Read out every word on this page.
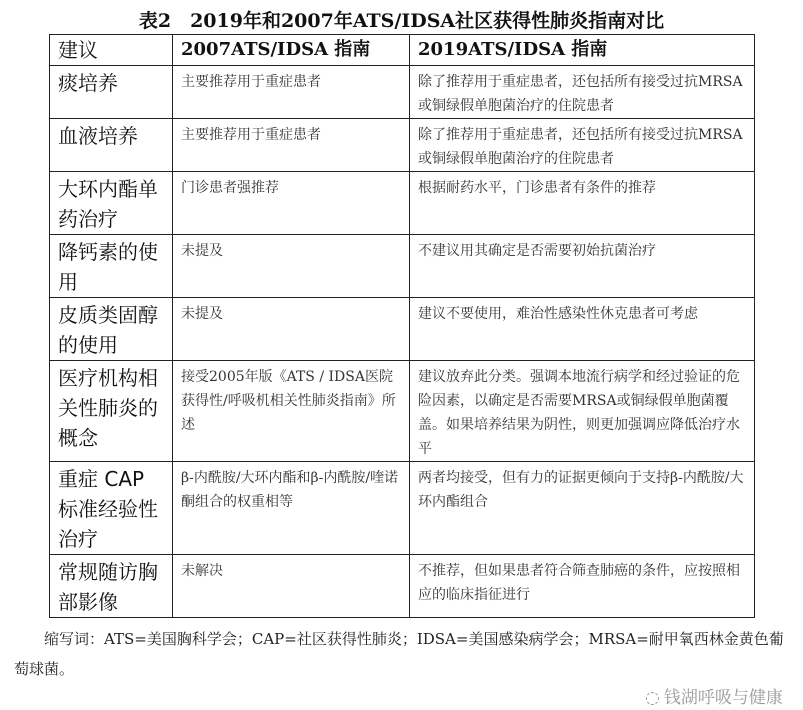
表2　2019年和2007年ATS/IDSA社区获得性肺炎指南对比
建议	2007ATS/IDSA 指南	2019ATS/IDSA 指南
痰培养	主要推荐用于重症患者	除了推荐用于重症患者，还包括所有接受过抗MRSA或铜绿假单胞菌治疗的住院患者
血液培养	主要推荐用于重症患者	除了推荐用于重症患者，还包括所有接受过抗MRSA或铜绿假单胞菌治疗的住院患者
大环内酯单药治疗	门诊患者强推荐	根据耐药水平，门诊患者有条件的推荐
降钙素的使用	未提及	不建议用其确定是否需要初始抗菌治疗
皮质类固醇的使用	未提及	建议不要使用，难治性感染性休克患者可考虑
医疗机构相关性肺炎的概念	接受2005年版《ATS / IDSA医院获得性/呼吸机相关性肺炎指南》所述	建议放弃此分类。强调本地流行病学和经过验证的危险因素，以确定是否需要MRSA或铜绿假单胞菌覆盖。如果培养结果为阴性，则更加强调应降低治疗水平
重症 CAP 标准经验性治疗	β-内酰胺/大环内酯和β-内酰胺/喹诺酮组合的权重相等	两者均接受，但有力的证据更倾向于支持β-内酰胺/大环内酯组合
常规随访胸部影像	未解决	不推荐，但如果患者符合筛查肺癌的条件，应按照相应的临床指征进行
缩写词：ATS=美国胸科学会；CAP=社区获得性肺炎；IDSA=美国感染病学会；MRSA=耐甲氧西林金黄色葡萄球菌。
◌ 钱湖呼吸与健康
